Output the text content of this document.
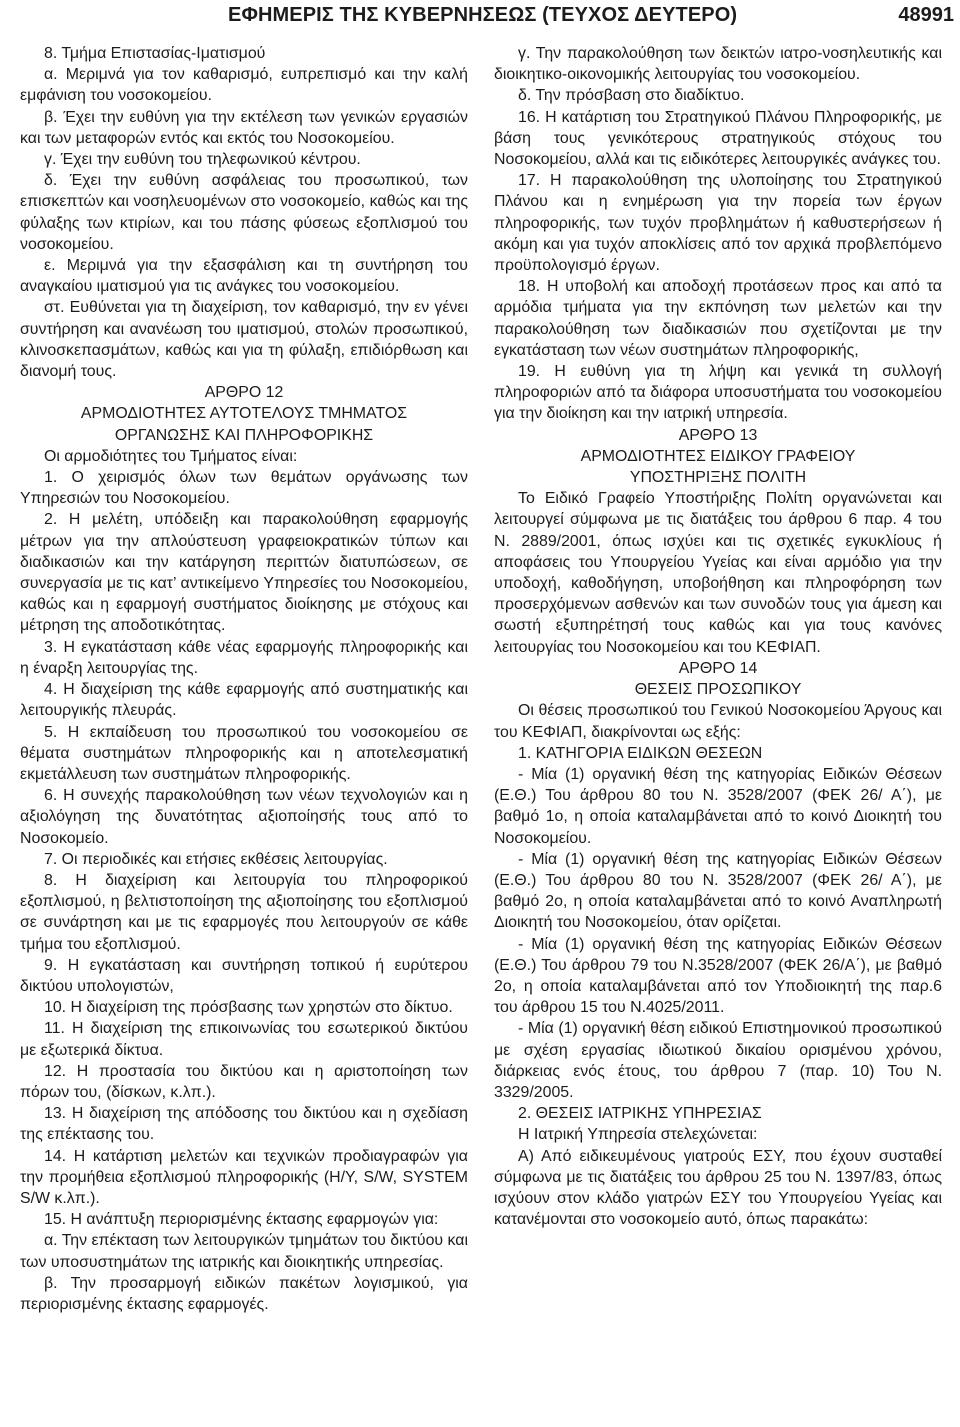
ΕΦΗΜΕΡΙΣ ΤΗΣ ΚΥΒΕΡΝΗΣΕΩΣ (ΤΕΥΧΟΣ ΔΕΥΤΕΡΟ)	48991

8. Τμήμα Επιστασίας-Ιματισμού

α. Μεριμνά για τον καθαρισμό, ευπρεπισμό και την καλή εμφάνιση του νοσοκομείου.

β. Έχει την ευθύνη για την εκτέλεση των γενικών εργασιών και των μεταφορών εντός και εκτός του Νοσοκομείου.

γ. Έχει την ευθύνη του τηλεφωνικού κέντρου.

δ. Έχει την ευθύνη ασφάλειας του προσωπικού, των επισκεπτών και νοσηλευομένων στο νοσοκομείο, καθώς και της φύλαξης των κτιρίων, και του πάσης φύσεως εξοπλισμού του νοσοκομείου.

ε. Μεριμνά για την εξασφάλιση και τη συντήρηση του αναγκαίου ιματισμού για τις ανάγκες του νοσοκομείου.

στ. Ευθύνεται για τη διαχείριση, τον καθαρισμό, την εν γένει συντήρηση και ανανέωση του ιματισμού, στολών προσωπικού, κλινοσκεπασμάτων, καθώς και για τη φύλαξη, επιδιόρθωση και διανομή τους.

ΑΡΘΡΟ 12

ΑΡΜΟΔΙΟΤΗΤΕΣ ΑΥΤΟΤΕΛΟΥΣ ΤΜΗΜΑΤΟΣ

ΟΡΓΑΝΩΣΗΣ ΚΑΙ ΠΛΗΡΟΦΟΡΙΚΗΣ

Οι αρμοδιότητες του Τμήματος είναι:

1. Ο χειρισμός όλων των θεμάτων οργάνωσης των Υπηρεσιών του Νοσοκομείου.

2. Η μελέτη, υπόδειξη και παρακολούθηση εφαρμογής μέτρων για την απλούστευση γραφειοκρατικών τύπων και διαδικασιών και την κατάργηση περιττών διατυπώσεων, σε συνεργασία με τις κατ’ αντικείμενο Υπηρεσίες του Νοσοκομείου, καθώς και η εφαρμογή συστήματος διοίκησης με στόχους και μέτρηση της αποδοτικότητας.

3. Η εγκατάσταση κάθε νέας εφαρμογής πληροφορικής και η έναρξη λειτουργίας της.

4. Η διαχείριση της κάθε εφαρμογής από συστηματικής και λειτουργικής πλευράς.

5. Η εκπαίδευση του προσωπικού του νοσοκομείου σε θέματα συστημάτων πληροφορικής και η αποτελεσματική εκμετάλλευση των συστημάτων πληροφορικής.

6. Η συνεχής παρακολούθηση των νέων τεχνολογιών και η αξιολόγηση της δυνατότητας αξιοποίησής τους από το Νοσοκομείο.

7. Οι περιοδικές και ετήσιες εκθέσεις λειτουργίας.

8. Η διαχείριση και λειτουργία του πληροφορικού εξοπλισμού, η βελτιστοποίηση της αξιοποίησης του εξοπλισμού σε συνάρτηση και με τις εφαρμογές που λειτουργούν σε κάθε τμήμα του εξοπλισμού.

9. Η εγκατάσταση και συντήρηση τοπικού ή ευρύτερου δικτύου υπολογιστών,

10. Η διαχείριση της πρόσβασης των χρηστών στο δίκτυο.

11. Η διαχείριση της επικοινωνίας του εσωτερικού δικτύου με εξωτερικά δίκτυα.

12. Η προστασία του δικτύου και η αριστοποίηση των πόρων του, (δίσκων, κ.λπ.).

13. Η διαχείριση της απόδοσης του δικτύου και η σχεδίαση της επέκτασης του.

14. Η κατάρτιση μελετών και τεχνικών προδιαγραφών για την προμήθεια εξοπλισμού πληροφορικής (H/Y, S/W, SYSTEM S/W κ.λπ.).

15. Η ανάπτυξη περιορισμένης έκτασης εφαρμογών για:

α. Την επέκταση των λειτουργικών τμημάτων του δικτύου και των υποσυστημάτων της ιατρικής και διοικητικής υπηρεσίας.

β. Την προσαρμογή ειδικών πακέτων λογισμικού, για περιορισμένης έκτασης εφαρμογές.

γ. Την παρακολούθηση των δεικτών ιατρο-νοσηλευτικής και διοικητικο-οικονομικής λειτουργίας του νοσοκομείου.

δ. Την πρόσβαση στο διαδίκτυο.

16. Η κατάρτιση του Στρατηγικού Πλάνου Πληροφορικής, με βάση τους γενικότερους στρατηγικούς στόχους του Νοσοκομείου, αλλά και τις ειδικότερες λειτουργικές ανάγκες του.

17. Η παρακολούθηση της υλοποίησης του Στρατηγικού Πλάνου και η ενημέρωση για την πορεία των έργων πληροφορικής, των τυχόν προβλημάτων ή καθυστερήσεων ή ακόμη και για τυχόν αποκλίσεις από τον αρχικά προβλεπόμενο προϋπολογισμό έργων.

18. Η υποβολή και αποδοχή προτάσεων προς και από τα αρμόδια τμήματα για την εκπόνηση των μελετών και την παρακολούθηση των διαδικασιών που σχετίζονται με την εγκατάσταση των νέων συστημάτων πληροφορικής,

19. Η ευθύνη για τη λήψη και γενικά τη συλλογή πληροφοριών από τα διάφορα υποσυστήματα του νοσοκομείου για την διοίκηση και την ιατρική υπηρεσία.

ΑΡΘΡΟ 13

ΑΡΜΟΔΙΟΤΗΤΕΣ ΕΙΔΙΚΟΥ ΓΡΑΦΕΙΟΥ

ΥΠΟΣΤΗΡΙΞΗΣ ΠΟΛΙΤΗ

Το Ειδικό Γραφείο Υποστήριξης Πολίτη οργανώνεται και λειτουργεί σύμφωνα με τις διατάξεις του άρθρου 6 παρ. 4 του Ν. 2889/2001, όπως ισχύει και τις σχετικές εγκυκλίους ή αποφάσεις του Υπουργείου Υγείας και είναι αρμόδιο για την υποδοχή, καθοδήγηση, υποβοήθηση και πληροφόρηση των προσερχόμενων ασθενών και των συνοδών τους για άμεση και σωστή εξυπηρέτησή τους καθώς και για τους κανόνες λειτουργίας του Νοσοκομείου και του ΚΕΦΙΑΠ.

ΑΡΘΡΟ 14

ΘΕΣΕΙΣ ΠΡΟΣΩΠΙΚΟΥ

Οι θέσεις προσωπικού του Γενικού Νοσοκομείου Άργους και του ΚΕΦΙΑΠ, διακρίνονται ως εξής:

1. ΚΑΤΗΓΟΡΙΑ ΕΙΔΙΚΩΝ ΘΕΣΕΩΝ

- Μία (1) οργανική θέση της κατηγορίας Ειδικών Θέσεων (Ε.Θ.) Του άρθρου 80 του Ν. 3528/2007 (ΦΕΚ 26/ Α΄), με βαθμό 1ο, η οποία καταλαμβάνεται από το κοινό Διοικητή του Νοσοκομείου.

- Μία (1) οργανική θέση της κατηγορίας Ειδικών Θέσεων (Ε.Θ.) Του άρθρου 80 του Ν. 3528/2007 (ΦΕΚ 26/ Α΄), με βαθμό 2ο, η οποία καταλαμβάνεται από το κοινό Αναπληρωτή Διοικητή του Νοσοκομείου, όταν ορίζεται.

- Μία (1) οργανική θέση της κατηγορίας Ειδικών Θέσεων (Ε.Θ.) Του άρθρου 79 του Ν.3528/2007 (ΦΕΚ 26/Α΄), με βαθμό 2ο, η οποία καταλαμβάνεται από τον Υποδιοικητή της παρ.6 του άρθρου 15 του Ν.4025/2011.

- Μία (1) οργανική θέση ειδικού Επιστημονικού προσωπικού με σχέση εργασίας ιδιωτικού δικαίου ορισμένου χρόνου, διάρκειας ενός έτους, του άρθρου 7 (παρ. 10) Του Ν. 3329/2005.

2. ΘΕΣΕΙΣ ΙΑΤΡΙΚΗΣ ΥΠΗΡΕΣΙΑΣ

Η Ιατρική Υπηρεσία στελεχώνεται:

Α) Από ειδικευμένους γιατρούς ΕΣΥ, που έχουν συσταθεί σύμφωνα με τις διατάξεις του άρθρου 25 του Ν. 1397/83, όπως ισχύουν στον κλάδο γιατρών ΕΣΥ του Υπουργείου Υγείας και κατανέμονται στο νοσοκομείο αυτό, όπως παρακάτω:
